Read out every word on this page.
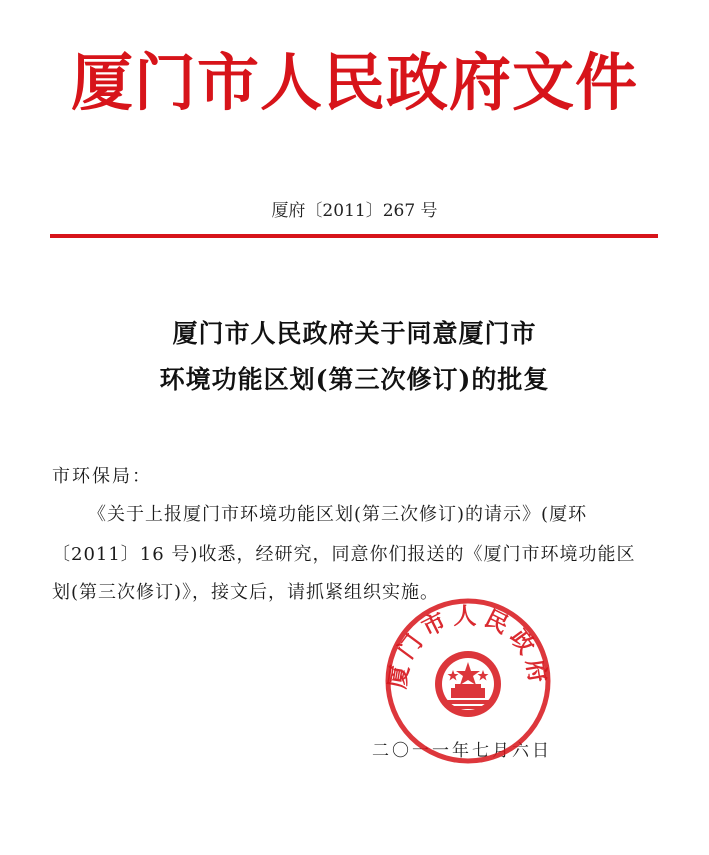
厦门市人民政府文件
厦府〔2011〕267 号
厦门市人民政府关于同意厦门市
环境功能区划(第三次修订)的批复
市环保局：
《关于上报厦门市环境功能区划(第三次修订)的请示》(厦环
〔2011〕16 号)收悉，经研究，同意你们报送的《厦门市环境功能区
划(第三次修订)》，接文后，请抓紧组织实施。
二〇一一年七月六日
厦门市人民政府
